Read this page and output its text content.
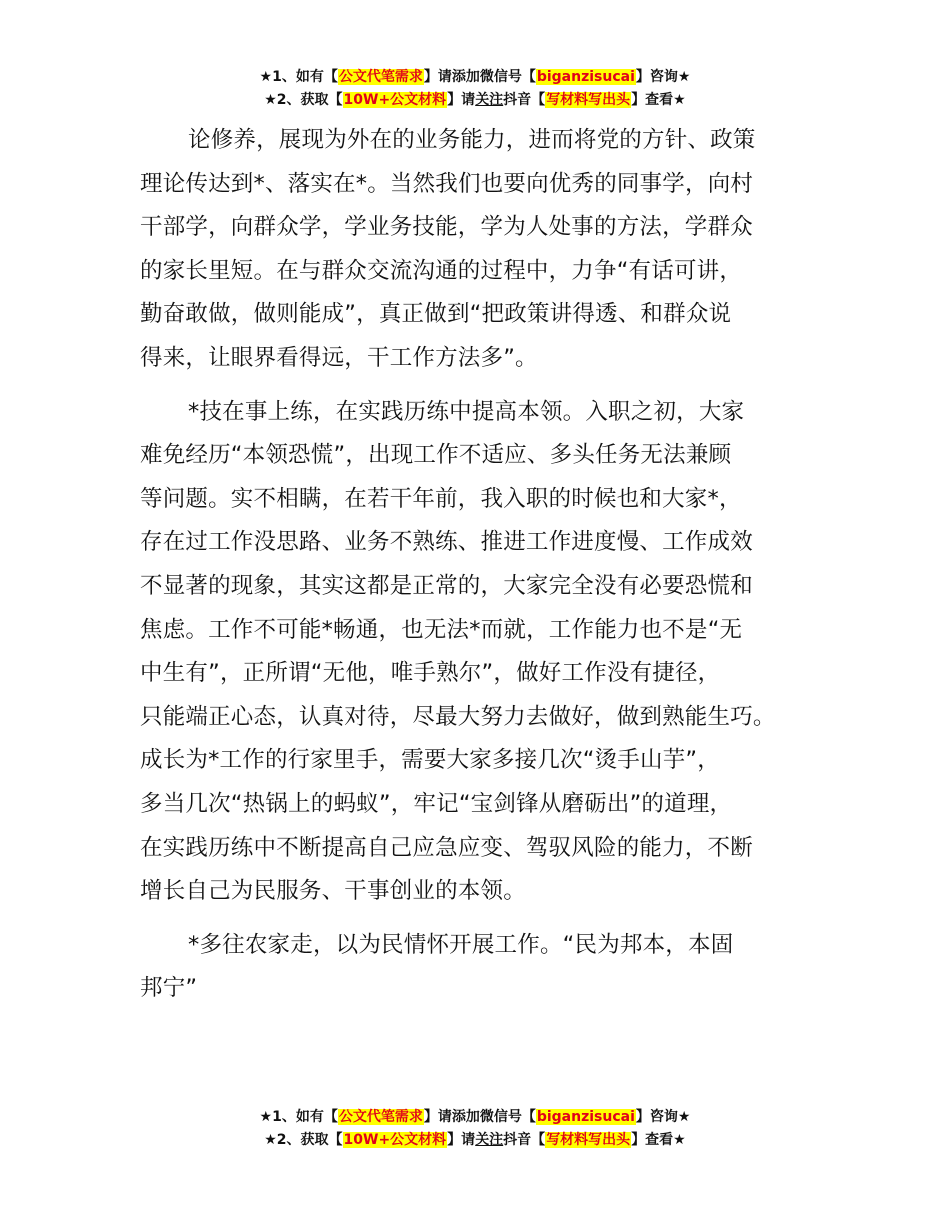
★1、如有【公文代笔需求】请添加微信号【biganzisucai】咨询★
★2、获取【10W+公文材料】请关注抖音【写材料写出头】查看★

论修养，展现为外在的业务能力，进而将党的方针、政策
理论传达到*、落实在*。当然我们也要向优秀的同事学，向村
干部学，向群众学，学业务技能，学为人处事的方法，学群众
的家长里短。在与群众交流沟通的过程中，力争“有话可讲，
勤奋敢做，做则能成”，真正做到“把政策讲得透、和群众说
得来，让眼界看得远，干工作方法多”。

*技在事上练，在实践历练中提高本领。入职之初，大家
难免经历“本领恐慌”，出现工作不适应、多头任务无法兼顾
等问题。实不相瞒，在若干年前，我入职的时候也和大家*，
存在过工作没思路、业务不熟练、推进工作进度慢、工作成效
不显著的现象，其实这都是正常的，大家完全没有必要恐慌和
焦虑。工作不可能*畅通，也无法*而就，工作能力也不是“无
中生有”，正所谓“无他，唯手熟尔”，做好工作没有捷径，
只能端正心态，认真对待，尽最大努力去做好，做到熟能生巧。
成长为*工作的行家里手，需要大家多接几次“烫手山芋”，
多当几次“热锅上的蚂蚁”，牢记“宝剑锋从磨砺出”的道理，
在实践历练中不断提高自己应急应变、驾驭风险的能力，不断
增长自己为民服务、干事创业的本领。

*多往农家走，以为民情怀开展工作。“民为邦本，本固
邦宁”

★1、如有【公文代笔需求】请添加微信号【biganzisucai】咨询★
★2、获取【10W+公文材料】请关注抖音【写材料写出头】查看★
